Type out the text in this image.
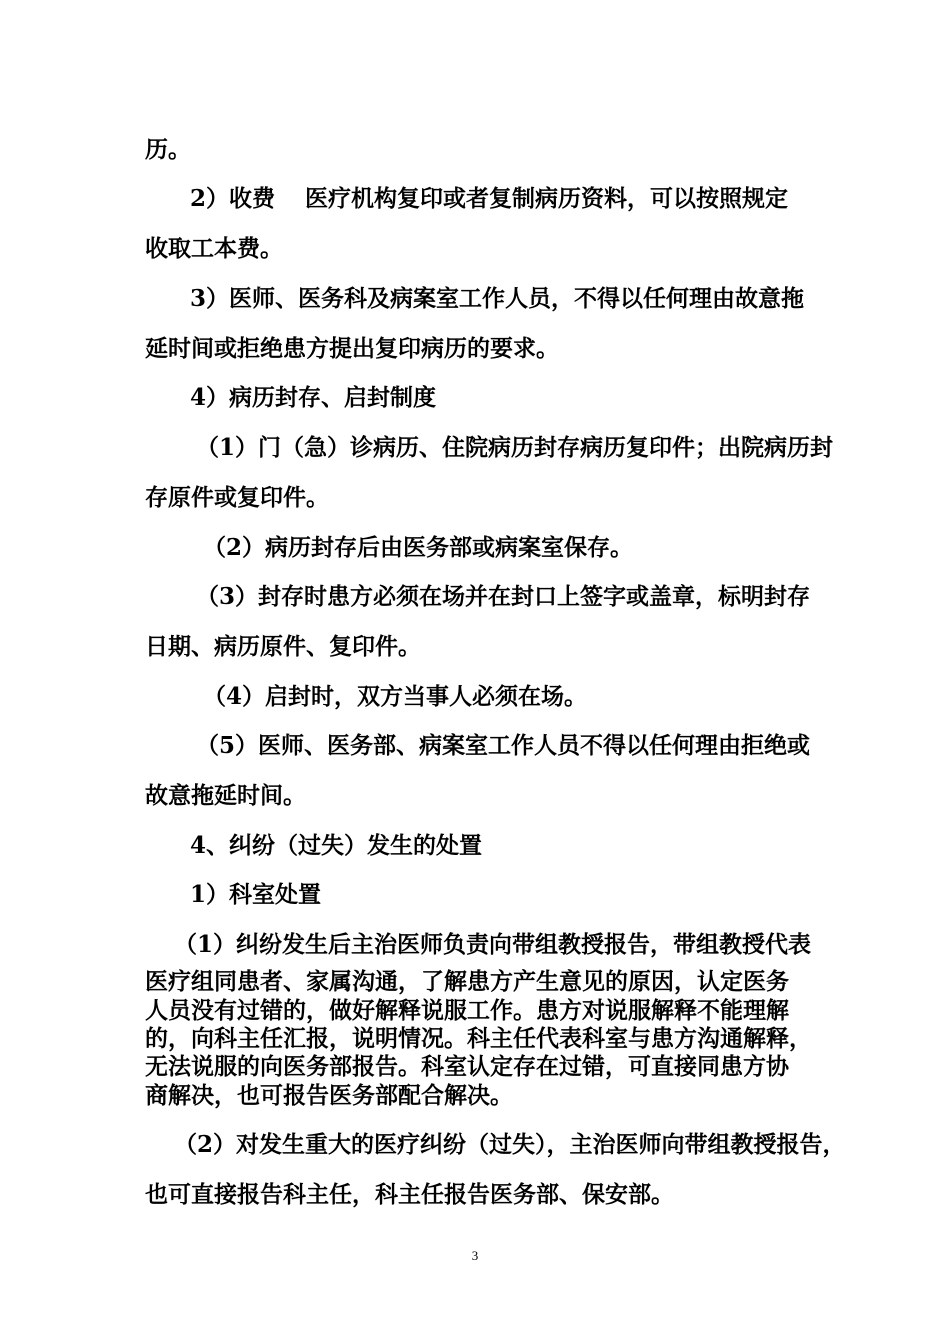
历。
2）收费 医疗机构复印或者复制病历资料，可以按照规定
收取工本费。
3）医师、医务科及病案室工作人员，不得以任何理由故意拖
延时间或拒绝患方提出复印病历的要求。
4）病历封存、启封制度
（1）门（急）诊病历、住院病历封存病历复印件；出院病历封
存原件或复印件。
（2）病历封存后由医务部或病案室保存。
（3）封存时患方必须在场并在封口上签字或盖章，标明封存
日期、病历原件、复印件。
（4）启封时，双方当事人必须在场。
（5）医师、医务部、病案室工作人员不得以任何理由拒绝或
故意拖延时间。
4、纠纷（过失）发生的处置
1）科室处置
（1）纠纷发生后主治医师负责向带组教授报告，带组教授代表
医疗组同患者、家属沟通，了解患方产生意见的原因，认定医务
人员没有过错的，做好解释说服工作。患方对说服解释不能理解
的，向科主任汇报，说明情况。科主任代表科室与患方沟通解释，
无法说服的向医务部报告。科室认定存在过错，可直接同患方协
商解决，也可报告医务部配合解决。
（2）对发生重大的医疗纠纷（过失），主治医师向带组教授报告，
也可直接报告科主任，科主任报告医务部、保安部。
3
